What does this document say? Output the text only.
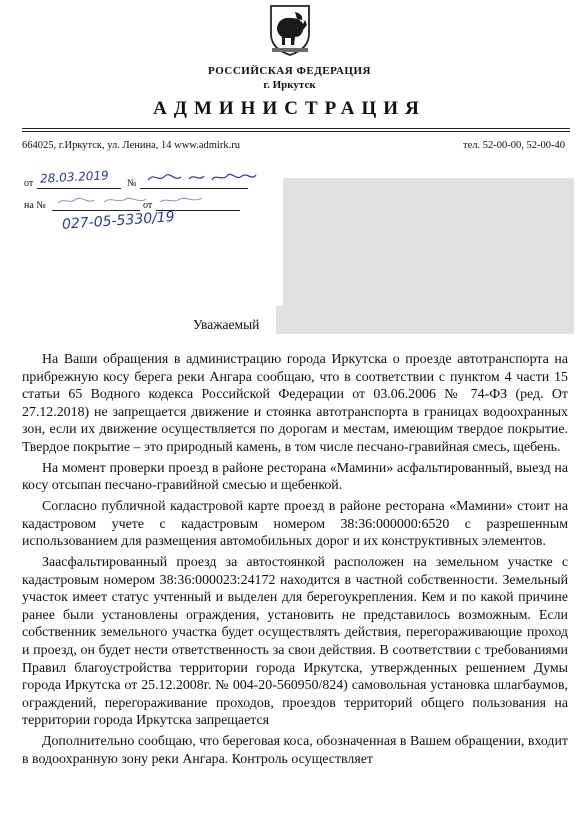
РОССИЙСКАЯ ФЕДЕРАЦИЯ
г. Иркутск
АДМИНИСТРАЦИЯ
664025, г.Иркутск, ул. Ленина, 14 www.admirk.ru	тел. 52-00-00, 52-00-40
от 28.03.2019 №
на №	от
027-05-5330/19
Уважаемый

На Ваши обращения в администрацию города Иркутска о проезде автотранспорта на прибрежную косу берега реки Ангара сообщаю, что в соответствии с пунктом 4 части 15 статьи 65 Водного кодекса Российской Федерации от 03.06.2006 № 74-ФЗ (ред. От 27.12.2018) не запрещается движение и стоянка автотранспорта в границах водоохранных зон, если их движение осуществляется по дорогам и местам, имеющим твердое покрытие. Твердое покрытие – это природный камень, в том числе песчано-гравийная смесь, щебень.

На момент проверки проезд в районе ресторана «Мамини» асфальтированный, выезд на косу отсыпан песчано-гравийной смесью и щебенкой.

Согласно публичной кадастровой карте проезд в районе ресторана «Мамини» стоит на кадастровом учете с кадастровым номером 38:36:000000:6520 с разрешенным использованием для размещения автомобильных дорог и их конструктивных элементов.

Заасфальтированный проезд за автостоянкой расположен на земельном участке с кадастровым номером 38:36:000023:24172 находится в частной собственности. Земельный участок имеет статус учтенный и выделен для берегоукрепления. Кем и по какой причине ранее были установлены ограждения, установить не представилось возможным. Если собственник земельного участка будет осуществлять действия, перегораживающие проход и проезд, он будет нести ответственность за свои действия. В соответствии с требованиями Правил благоустройства территории города Иркутска, утвержденных решением Думы города Иркутска от 25.12.2008г. № 004-20-560950/824) самовольная установка шлагбаумов, ограждений, перегораживание проходов, проездов территорий общего пользования на территории города Иркутска запрещается

Дополнительно сообщаю, что береговая коса, обозначенная в Вашем обращении, входит в водоохранную зону реки Ангара. Контроль осуществляет
